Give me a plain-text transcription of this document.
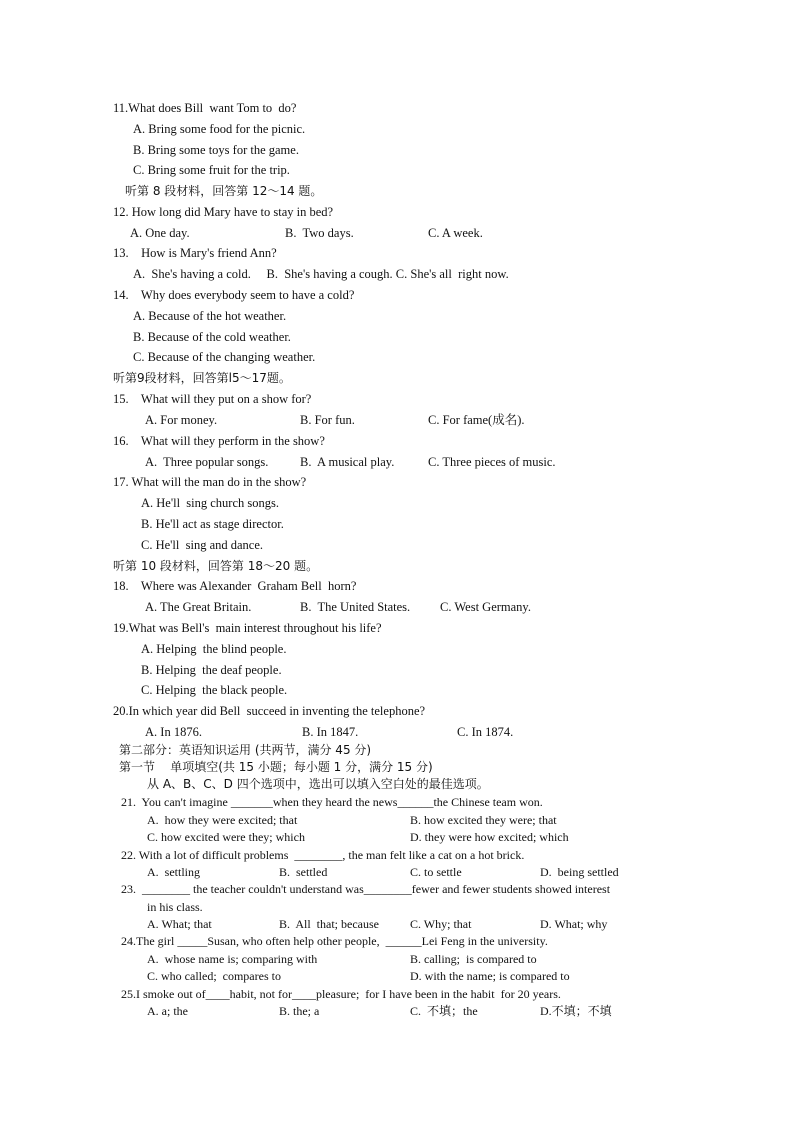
11.What does Bill  want Tom to  do?
A. Bring some food for the picnic.
B. Bring some toys for the game.
C. Bring some fruit for the trip.
听第 8 段材料，回答第 12～14 题。
12. How long did Mary have to stay in bed?
A. One day.	B.  Two days.	C. A week.
13.    How is Mary's friend Ann?
A.  She's having a cold.     B.  She's having a cough. C. She's all  right now.
14.    Why does everybody seem to have a cold?
A. Because of the hot weather.
B. Because of the cold weather.
C. Because of the changing weather.
听第9段材料，回答第l5～17题。
15.    What will they put on a show for?
A. For money.	B. For fun.	C. For fame(成名).
16.    What will they perform in the show?
A.  Three popular songs.	B.  A musical play.	C. Three pieces of music.
17. What will the man do in the show?
A. He'll  sing church songs.
B. He'll act as stage director.
C. He'll  sing and dance.
听第 10 段材料，回答第 18～20 题。
18.    Where was Alexander  Graham Bell  horn?
A. The Great Britain.	B.  The United States. C. West Germany.
19.What was Bell's  main interest throughout his life?
A. Helping  the blind people.
B. Helping  the deaf people.
C. Helping  the black people.
20.In which year did Bell  succeed in inventing the telephone?
A. In 1876.	B. In 1847.	C. In 1874.
第二部分：英语知识运用 (共两节，满分 45 分)
第一节    单项填空(共 15 小题；每小题 1 分，满分 15 分)
从 A、B、C、D 四个选项中，选出可以填入空白处的最佳选项。
21.  You can't imagine _______when they heard the news______the Chinese team won.
A.  how they were excited; that	B. how excited they were; that
C. how excited were they; which	D. they were how excited; which
22. With a lot of difficult problems  ________, the man felt like a cat on a hot brick.
A.  settling	B.  settled	C. to settle	D.  being settled
23.  ________ the teacher couldn't understand was________fewer and fewer students showed interest
in his class.
A. What; that	B.  All  that; because	C. Why; that	D. What; why
24.The girl _____Susan, who often help other people,  ______Lei Feng in the university.
A.  whose name is; comparing with	B. calling;  is compared to
C. who called;  compares to	D. with the name; is compared to
25.I smoke out of____habit, not for____pleasure;  for I have been in the habit  for 20 years.
A. a; the	B. the; a	C.  不填；the	D.不填；不填
